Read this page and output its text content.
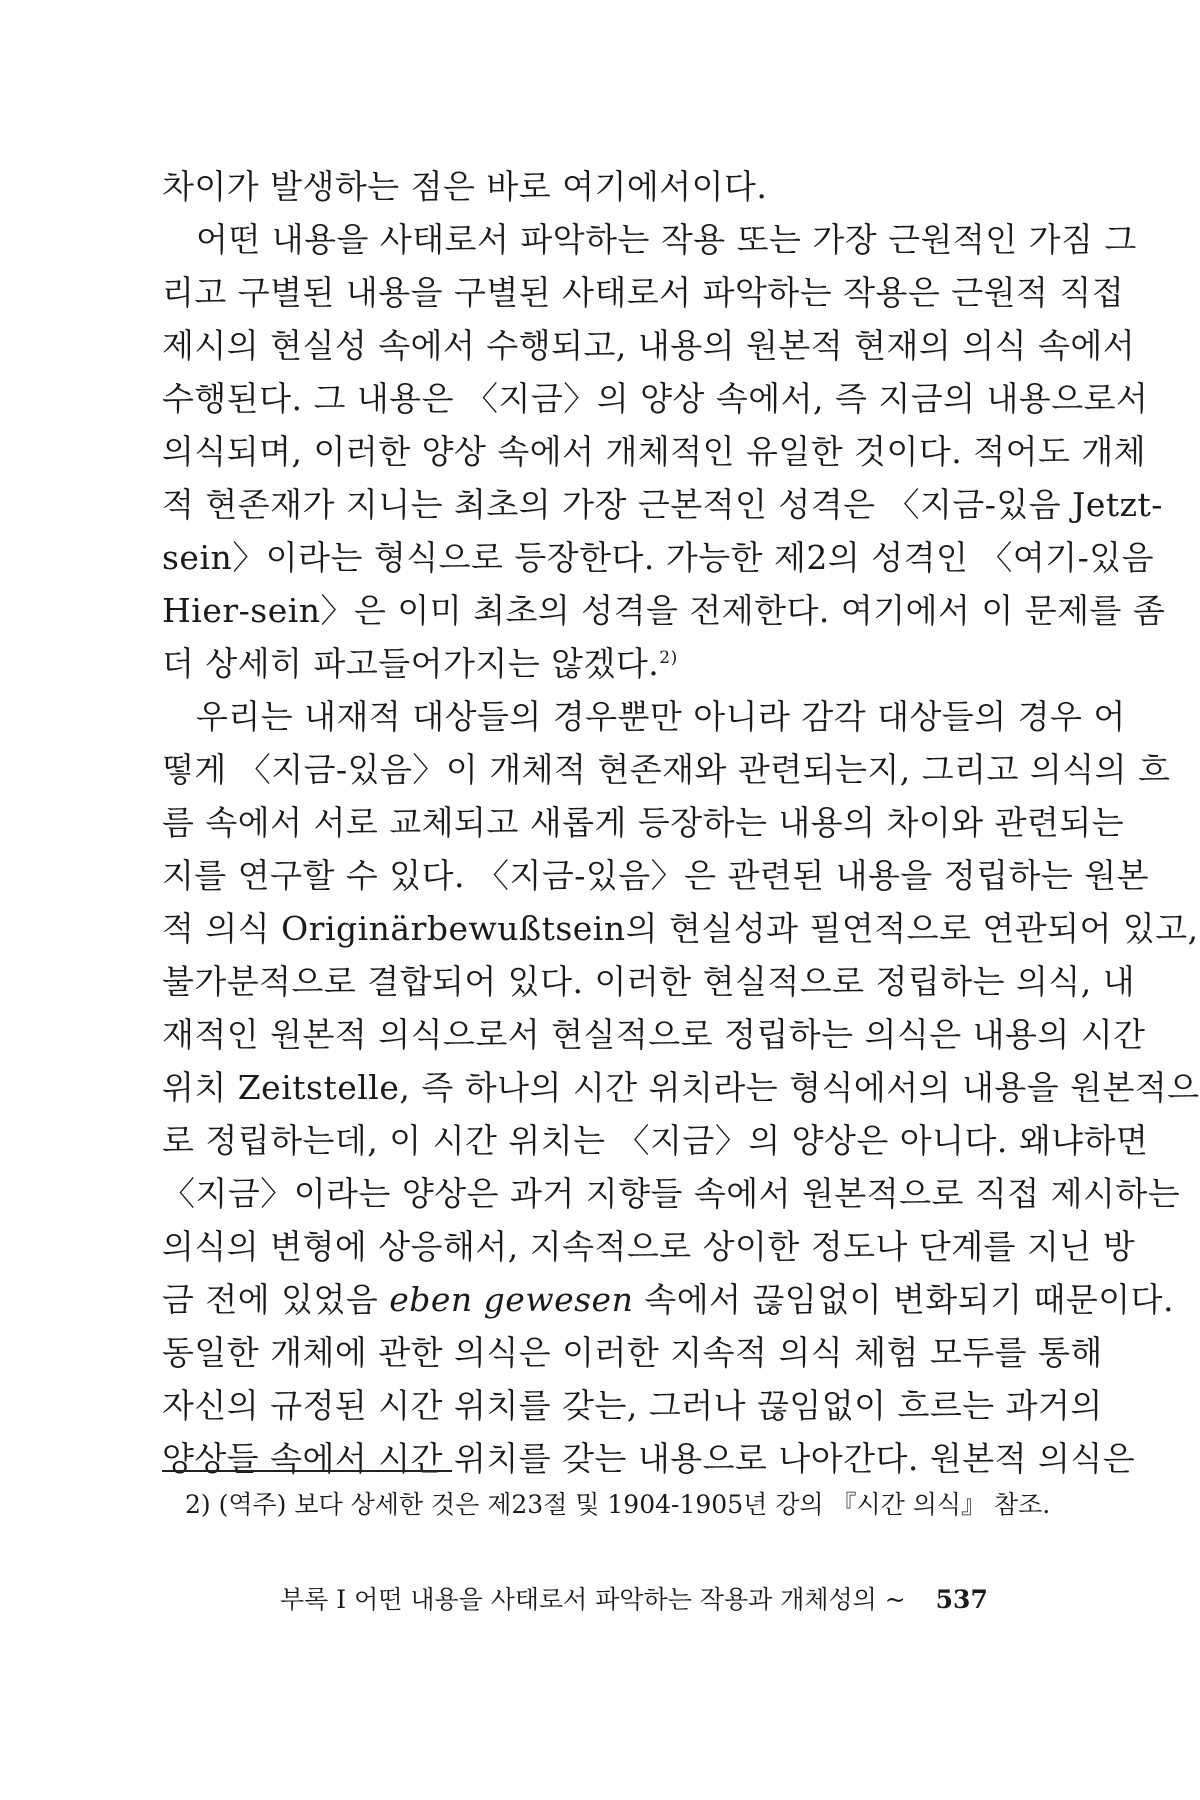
차이가 발생하는 점은 바로 여기에서이다.
어떤 내용을 사태로서 파악하는 작용 또는 가장 근원적인 가짐 그
리고 구별된 내용을 구별된 사태로서 파악하는 작용은 근원적 직접
제시의 현실성 속에서 수행되고, 내용의 원본적 현재의 의식 속에서
수행된다. 그 내용은 〈지금〉의 양상 속에서, 즉 지금의 내용으로서
의식되며, 이러한 양상 속에서 개체적인 유일한 것이다. 적어도 개체
적 현존재가 지니는 최초의 가장 근본적인 성격은 〈지금-있음 Jetzt-
sein〉이라는 형식으로 등장한다. 가능한 제2의 성격인 〈여기-있음
Hier-sein〉은 이미 최초의 성격을 전제한다. 여기에서 이 문제를 좀
더 상세히 파고들어가지는 않겠다.$^{2)}$
우리는 내재적 대상들의 경우뿐만 아니라 감각 대상들의 경우 어
떻게 〈지금-있음〉이 개체적 현존재와 관련되는지, 그리고 의식의 흐
름 속에서 서로 교체되고 새롭게 등장하는 내용의 차이와 관련되는
지를 연구할 수 있다. 〈지금-있음〉은 관련된 내용을 정립하는 원본
적 의식 Originärbewußtsein의 현실성과 필연적으로 연관되어 있고,
불가분적으로 결합되어 있다. 이러한 현실적으로 정립하는 의식, 내
재적인 원본적 의식으로서 현실적으로 정립하는 의식은 내용의 시간
위치 Zeitstelle, 즉 하나의 시간 위치라는 형식에서의 내용을 원본적으
로 정립하는데, 이 시간 위치는 〈지금〉의 양상은 아니다. 왜냐하면
〈지금〉이라는 양상은 과거 지향들 속에서 원본적으로 직접 제시하는
의식의 변형에 상응해서, 지속적으로 상이한 정도나 단계를 지닌 방
금 전에 있었음 eben gewesen 속에서 끊임없이 변화되기 때문이다.
동일한 개체에 관한 의식은 이러한 지속적 의식 체험 모두를 통해
자신의 규정된 시간 위치를 갖는, 그러나 끊임없이 흐르는 과거의
양상들 속에서 시간 위치를 갖는 내용으로 나아간다. 원본적 의식은
2) (역주) 보다 상세한 것은 제23절 및 1904-1905년 강의 『시간 의식』 참조.
부록 I 어떤 내용을 사태로서 파악하는 작용과 개체성의 ~ 537
